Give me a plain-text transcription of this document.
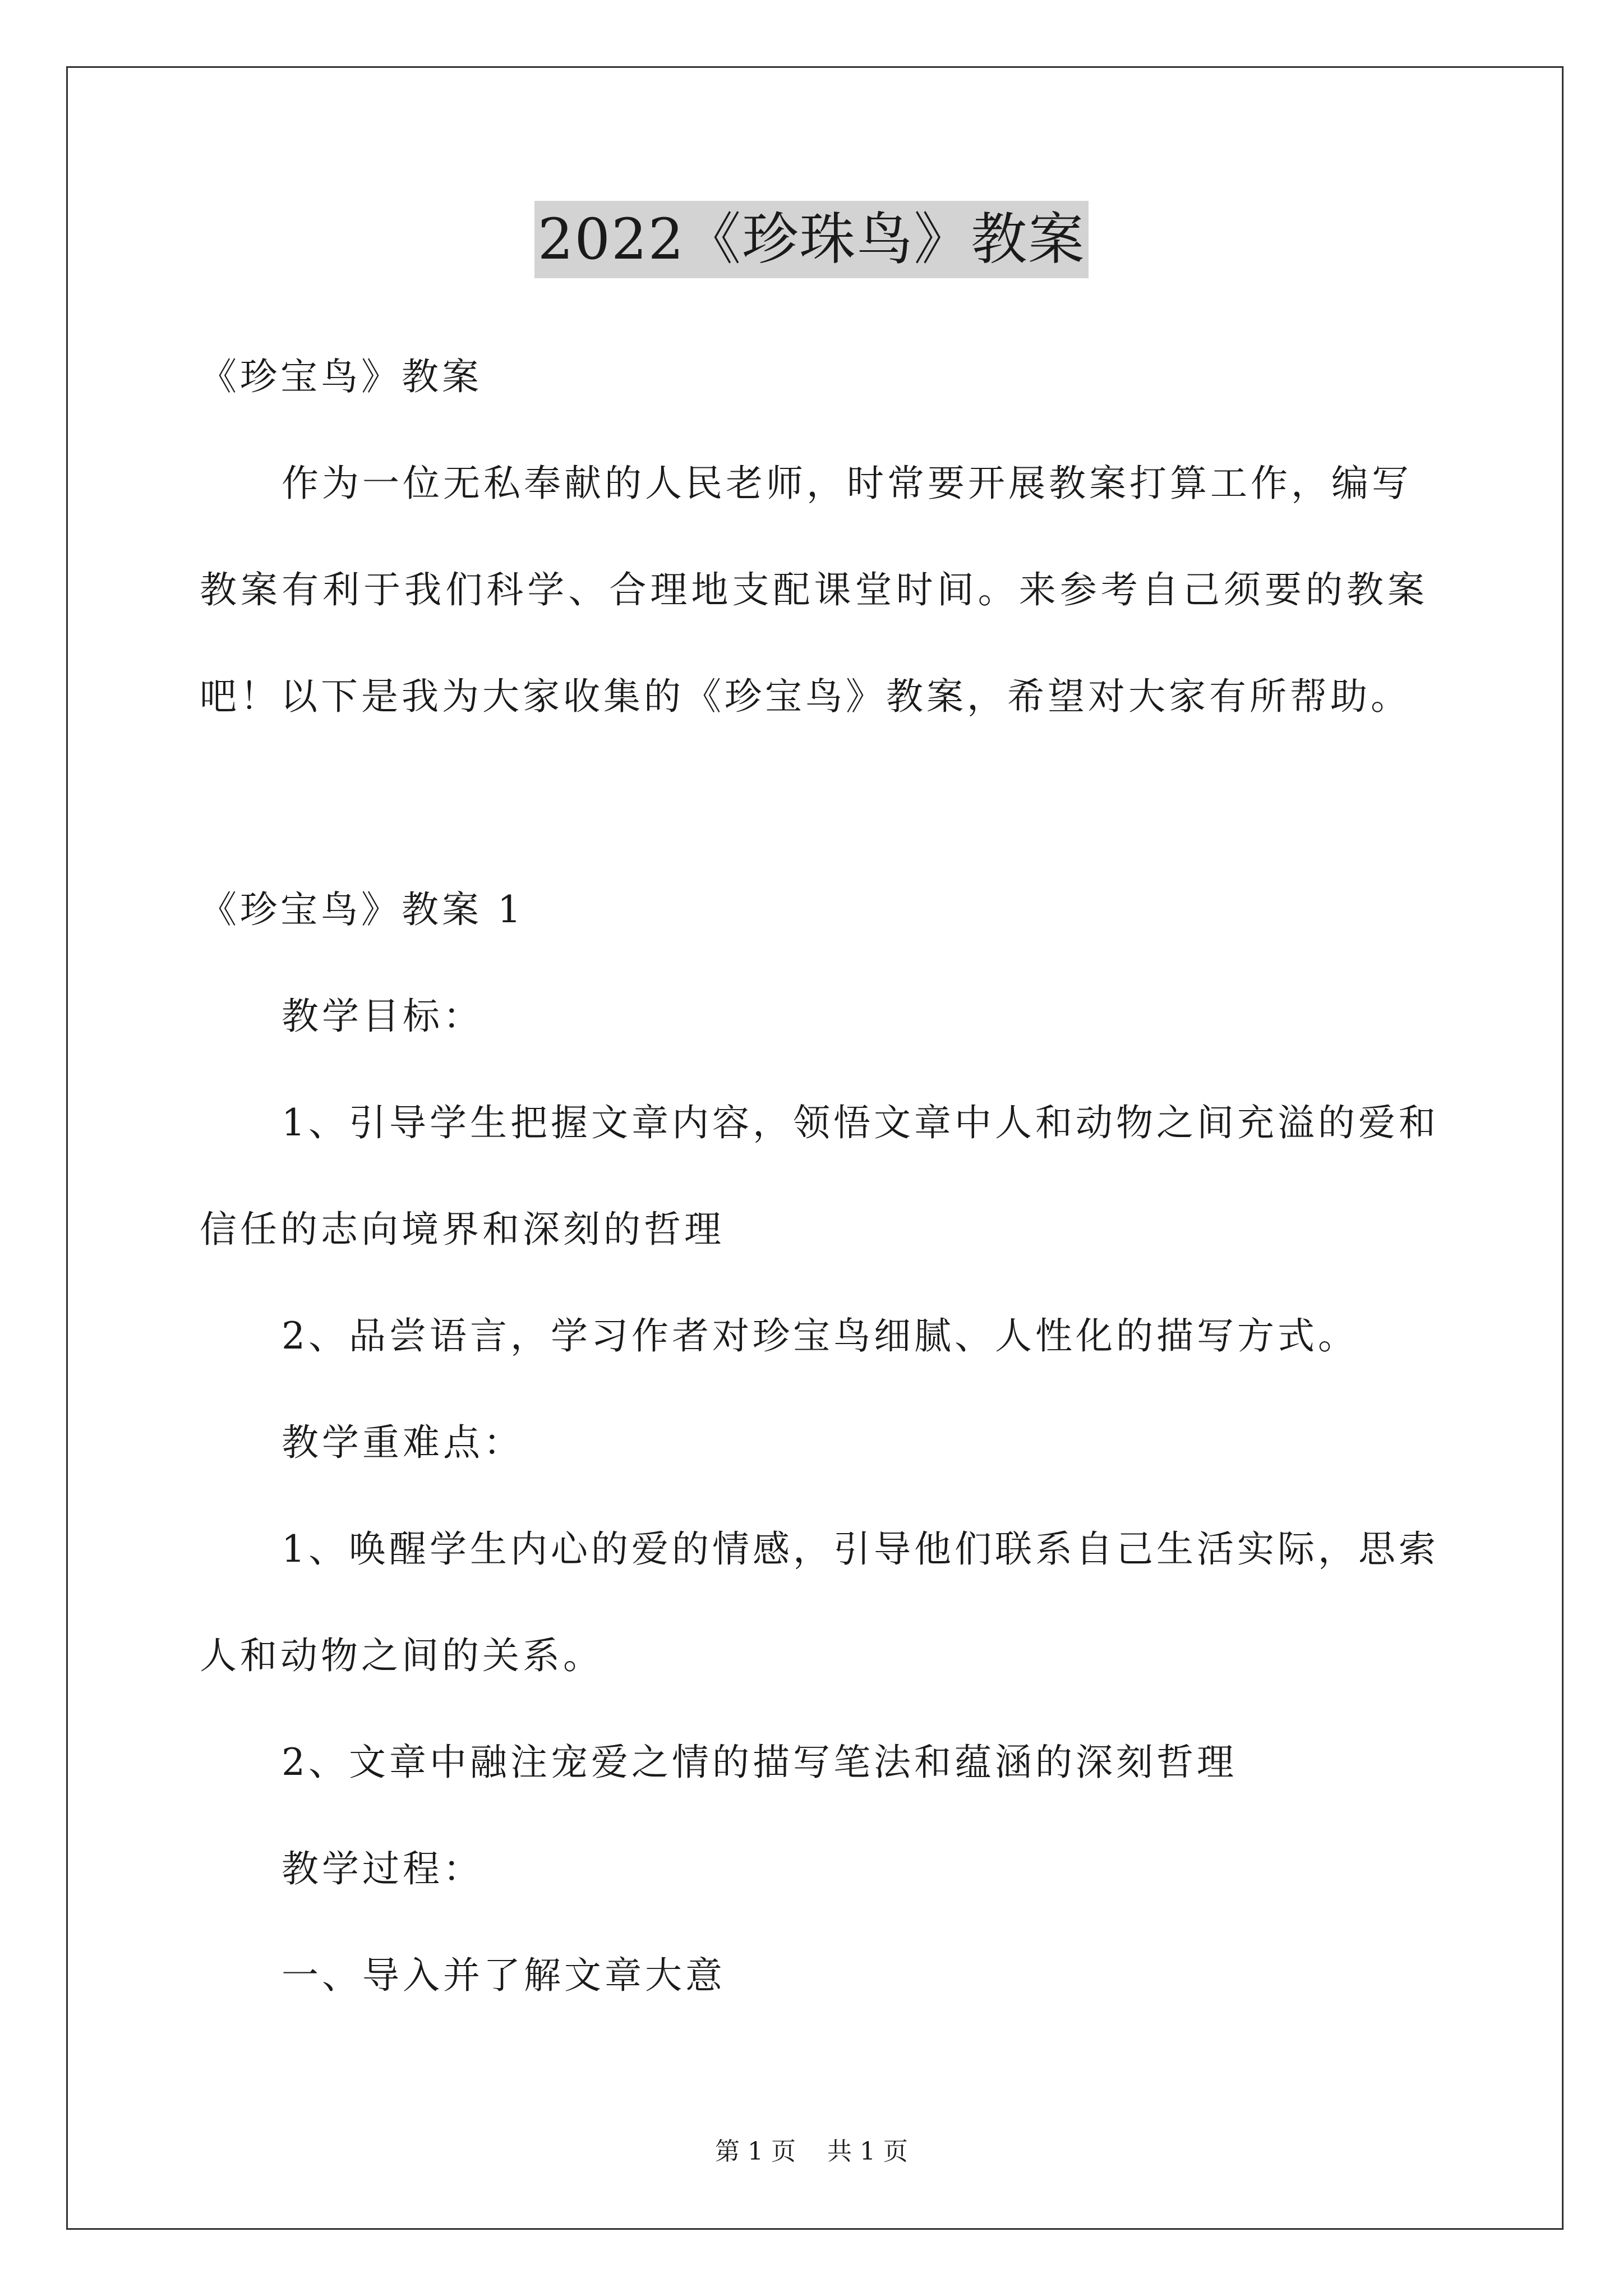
2022《珍珠鸟》教案
《珍宝鸟》教案
作为一位无私奉献的人民老师，时常要开展教案打算工作，编写
教案有利于我们科学、合理地支配课堂时间。来参考自己须要的教案
吧！以下是我为大家收集的《珍宝鸟》教案，希望对大家有所帮助。
《珍宝鸟》教案 1
教学目标：
1、引导学生把握文章内容，领悟文章中人和动物之间充溢的爱和
信任的志向境界和深刻的哲理
2、品尝语言，学习作者对珍宝鸟细腻、人性化的描写方式。
教学重难点：
1、唤醒学生内心的爱的情感，引导他们联系自己生活实际，思索
人和动物之间的关系。
2、文章中融注宠爱之情的描写笔法和蕴涵的深刻哲理
教学过程：
一、导入并了解文章大意
第 1 页    共 1 页
